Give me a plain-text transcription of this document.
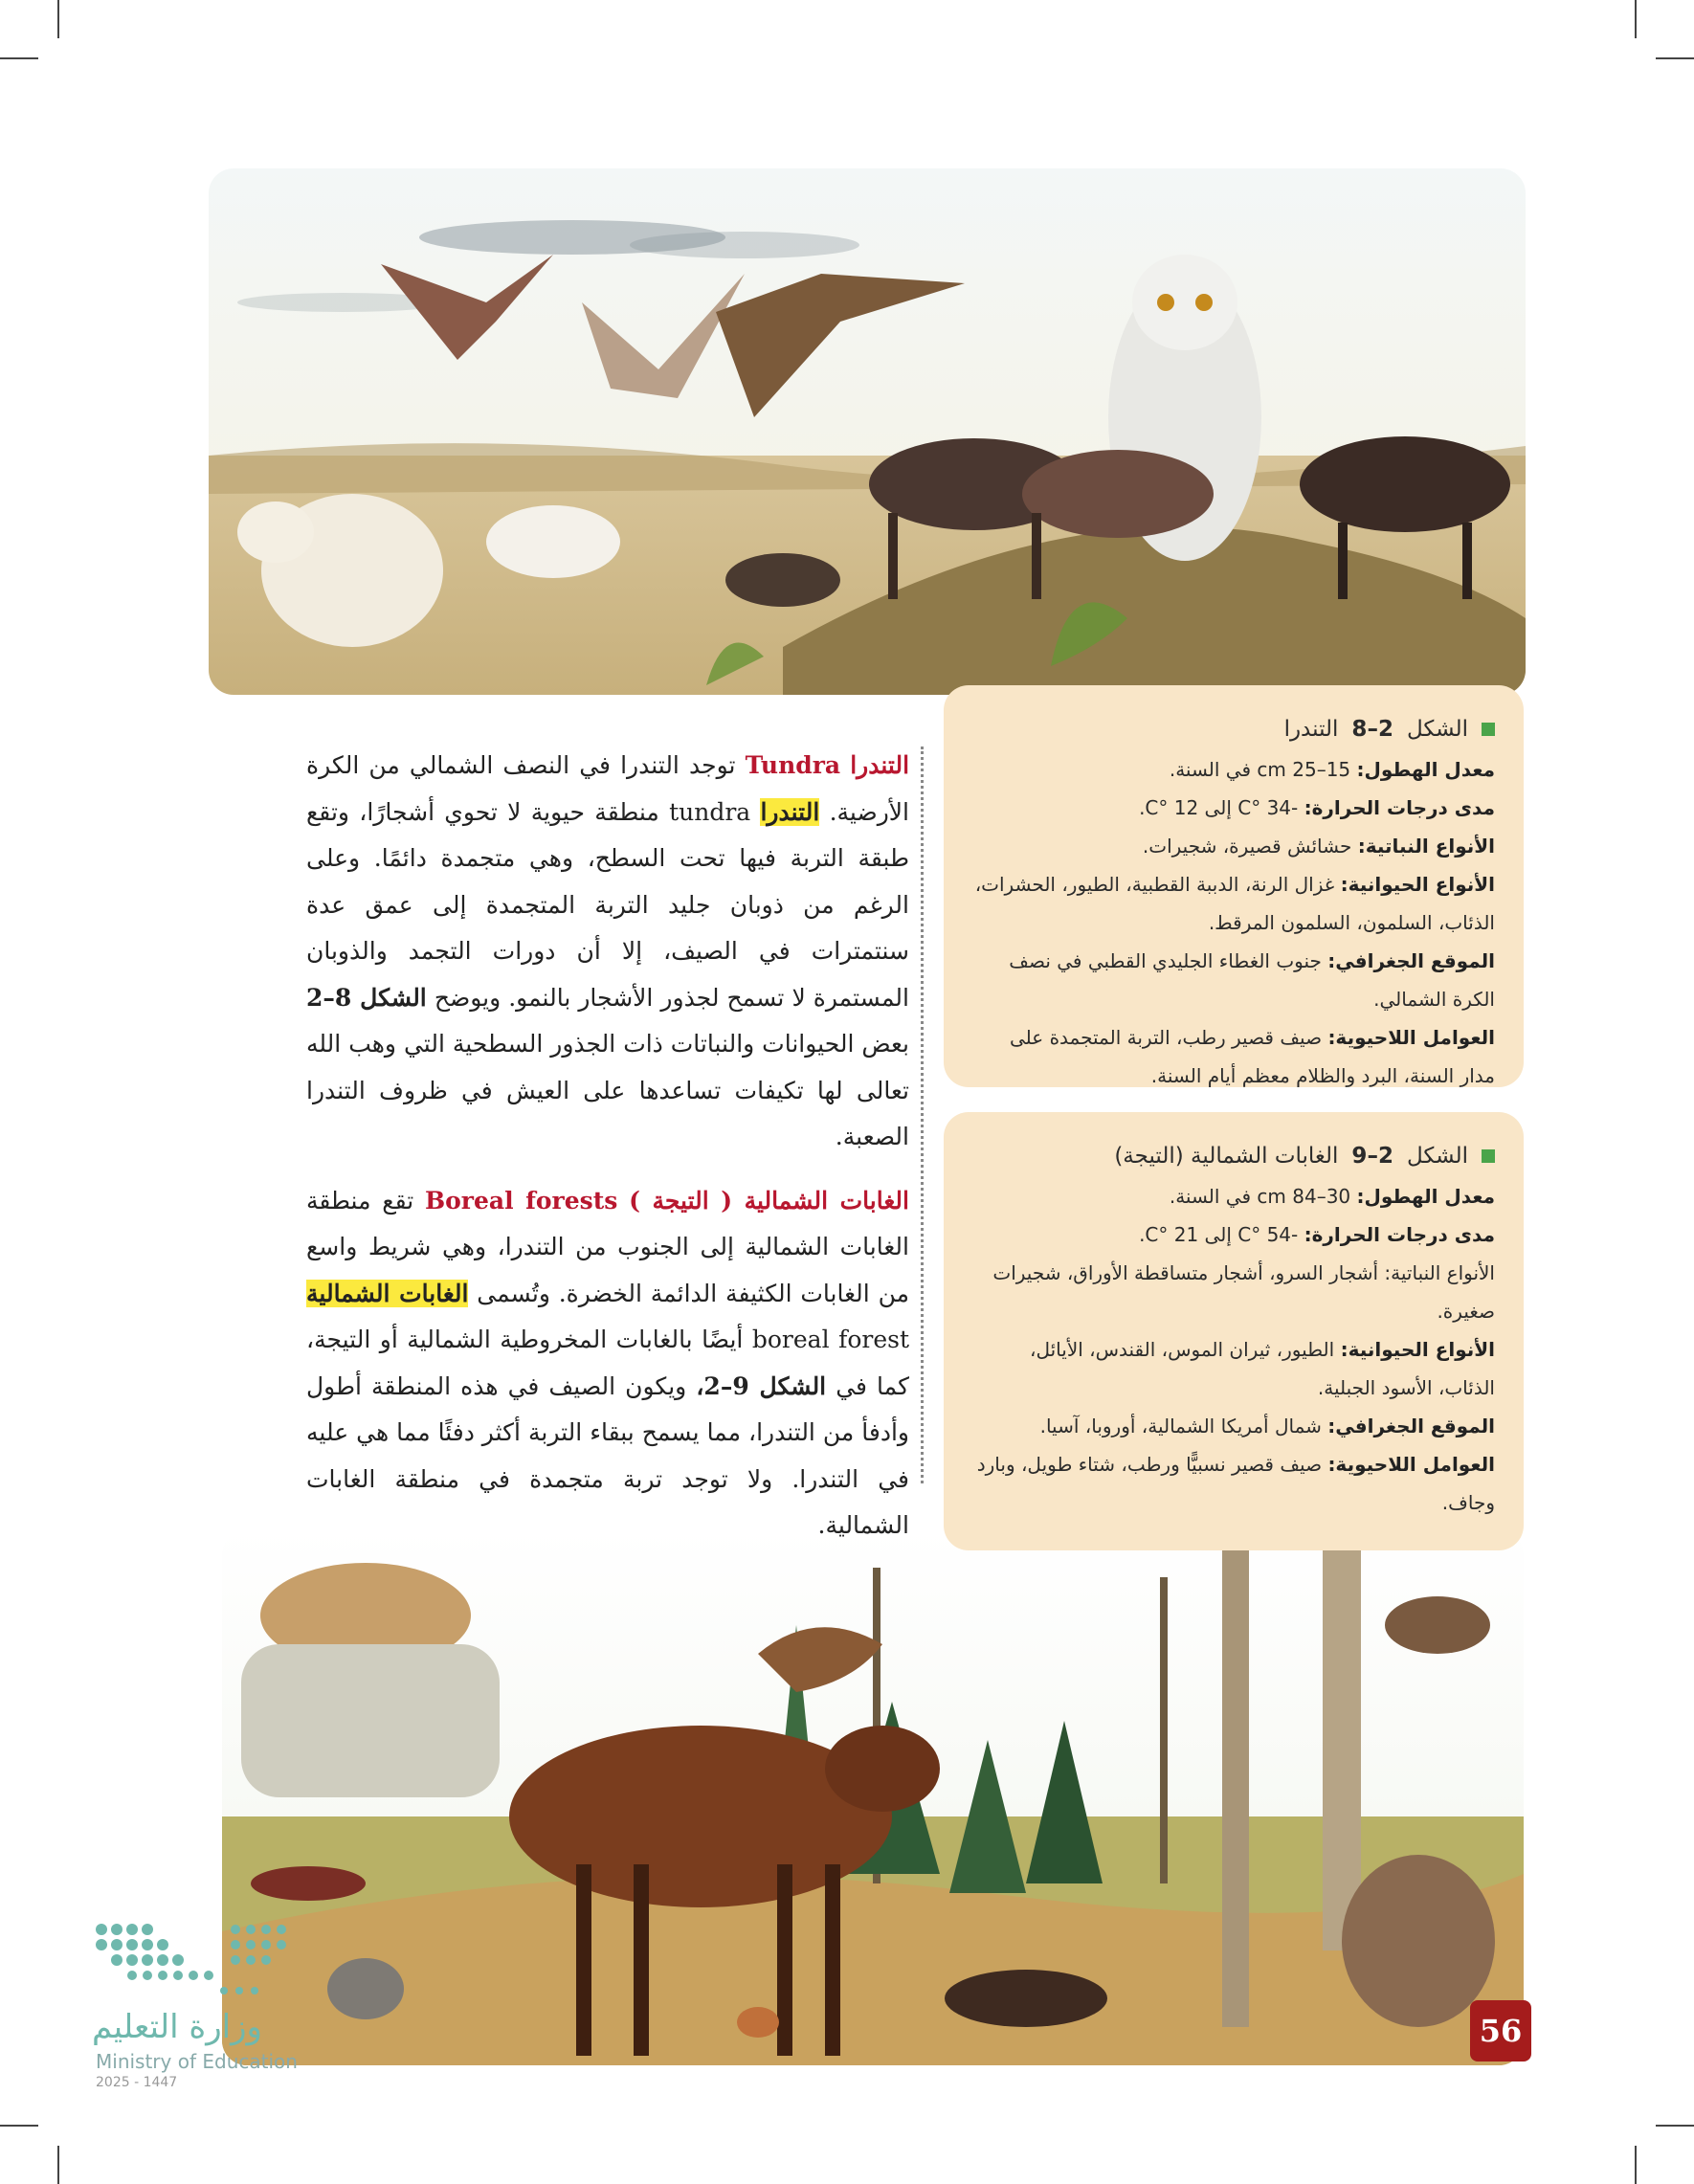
الشكل
2–8
التندرا

معدل الهطول: 15–25 cm في السنة.

مدى درجات الحرارة: -34 °C إلى 12 °C.

الأنواع النباتية: حشائش قصيرة، شجيرات.

الأنواع الحيوانية: غزال الرنة، الدببة القطبية، الطيور، الحشرات، الذئاب، السلمون، السلمون المرقط.

الموقع الجغرافي: جنوب الغطاء الجليدي القطبي في نصف الكرة الشمالي.

العوامل اللاحيوية: صيف قصير رطب، التربة المتجمدة على مدار السنة، البرد والظلام معظم أيام السنة.

الشكل
2–9
الغابات الشمالية (التيجة)

معدل الهطول: 30–84 cm في السنة.

مدى درجات الحرارة: -54 °C إلى 21 °C.

الأنواع النباتية: أشجار السرو، أشجار متساقطة الأوراق، شجيرات صغيرة.

الأنواع الحيوانية: الطيور، ثيران الموس، القندس، الأيائل، الذئاب، الأسود الجبلية.

الموقع الجغرافي: شمال أمريكا الشمالية، أوروبا، آسيا.

العوامل اللاحيوية: صيف قصير نسبيًّا ورطب، شتاء طويل، وبارد وجاف.

التندرا Tundra توجد التندرا في النصف الشمالي من الكرة الأرضية. التندرا tundra منطقة حيوية لا تحوي أشجارًا، وتقع طبقة التربة فيها تحت السطح، وهي متجمدة دائمًا. وعلى الرغم من ذوبان جليد التربة المتجمدة إلى عمق عدة سنتمترات في الصيف، إلا أن دورات التجمد والذوبان المستمرة لا تسمح لجذور الأشجار بالنمو. ويوضح الشكل 8–2 بعض الحيوانات والنباتات ذات الجذور السطحية التي وهب الله تعالى لها تكيفات تساعدها على العيش في ظروف التندرا الصعبة.

الغابات الشمالية ( التيجة ) Boreal forests تقع منطقة الغابات الشمالية إلى الجنوب من التندرا، وهي شريط واسع من الغابات الكثيفة الدائمة الخضرة. وتُسمى الغابات الشمالية boreal forest أيضًا بالغابات المخروطية الشمالية أو التيجة، كما في الشكل 9–2، ويكون الصيف في هذه المنطقة أطول وأدفأ من التندرا، مما يسمح ببقاء التربة أكثر دفئًا مما هي عليه في التندرا. ولا توجد تربة متجمدة في منطقة الغابات الشمالية.

وزارة التعليم
Ministry of Education
2025 - 1447
56
